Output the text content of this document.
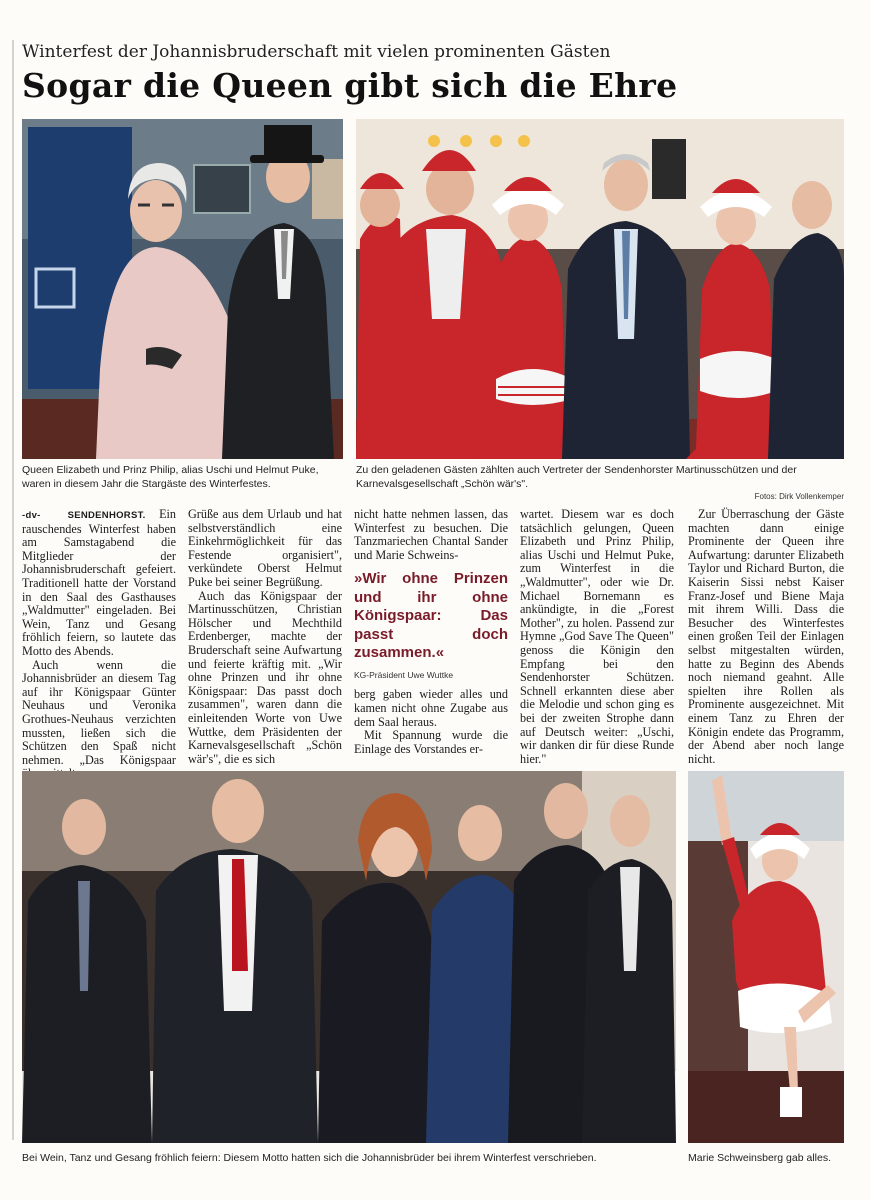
Winterfest der Johannisbruderschaft mit vielen prominenten Gästen
Sogar die Queen gibt sich die Ehre
Queen Elizabeth und Prinz Philip, alias Uschi und Helmut Puke, waren in diesem Jahr die Stargäste des Winterfestes.
Zu den geladenen Gästen zählten auch Vertreter der Sendenhorster Martinusschützen und der Karnevalsgesellschaft „Schön wär's".
Fotos: Dirk Vollenkemper

-dv-	SENDENHORST. Ein rauschendes Winterfest haben am Samstagabend die Mitglieder der Johannisbruderschaft gefeiert. Traditionell hatte der Vorstand in den Saal des Gasthauses „Waldmutter" eingeladen. Bei Wein, Tanz und Gesang fröhlich feiern, so lautete das Motto des Abends.

Auch wenn die Johannisbrüder an diesem Tag auf ihr Königspaar Günter Neuhaus und Veronika Grothues-Neuhaus verzichten mussten, ließen sich die Schützen den Spaß nicht nehmen. „Das Königspaar

Grüße aus dem Urlaub und hat selbstverständlich eine Einkehrmöglichkeit für das Festende organisiert", verkündete Oberst Helmut Puke bei seiner Begrüßung.

Auch das Königspaar der Martinusschützen, Christian Hölscher und Mechthild Erdenberger, machte der Bruderschaft seine Aufwartung und feierte kräftig mit. „Wir ohne Prinzen und ihr ohne Königspaar: Das passt doch zusammen", waren dann die einleitenden Worte von Uwe Wuttke, dem Präsidenten der Karnevalsgesellschaft „Schön wär's", die es sich

nicht hatte nehmen lassen, das Winterfest zu besuchen. Die Tanzmariechen Chantal Sander und Marie Schweins-

»Wir ohne Prinzen und ihr ohne Königspaar: Das passt doch zusammen.«
KG-Präsident Uwe Wuttke

berg gaben wieder alles und kamen nicht ohne Zugabe aus dem Saal heraus.

Mit Spannung wurde die Einlage des Vorstandes er-

wartet. Diesem war es doch tatsächlich gelungen, Queen Elizabeth und Prinz Philip, alias Uschi und Helmut Puke, zum Winterfest in die „Waldmutter", oder wie Dr. Michael Bornemann es ankündigte, in die „Forest Mother", zu holen. Passend zur Hymne „God Save The Queen" genoss die Königin den Empfang bei den Sendenhorster Schützen. Schnell erkannten diese aber die Melodie und schon ging es bei der zweiten Strophe dann auf Deutsch weiter: „Uschi, wir danken dir für diese Runde hier."

Zur Überraschung der Gäste machten dann einige Prominente der Queen ihre Aufwartung: darunter Elizabeth Taylor und Richard Burton, die Kaiserin Sissi nebst Kaiser Franz-Josef und Biene Maja mit ihrem Willi. Dass die Besucher des Winterfestes einen großen Teil der Einlagen selbst mitgestalten würden, hatte zu Beginn des Abends noch niemand geahnt. Alle spielten ihre Rollen als Prominente ausgezeichnet. Mit einem Tanz zu Ehren der Königin endete das Programm, der Abend aber noch lange nicht.

Bei Wein, Tanz und Gesang fröhlich feiern: Diesem Motto hatten sich die Johannisbrüder bei ihrem Winterfest verschrieben.	Marie Schweinsberg gab alles.
